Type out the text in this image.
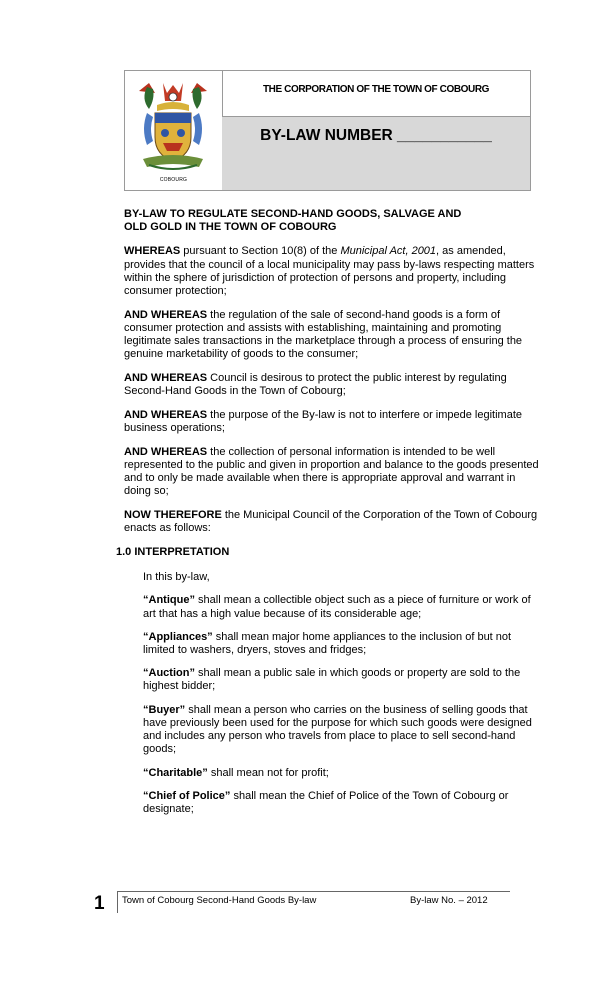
COBOURG
THE CORPORATION OF THE TOWN OF COBOURG
BY-LAW NUMBER ___________

BY-LAW TO REGULATE SECOND-HAND GOODS, SALVAGE AND
OLD GOLD IN THE TOWN OF COBOURG

WHEREAS pursuant to Section 10(8) of the Municipal Act, 2001, as amended, provides that the council of a local municipality may pass by-laws respecting matters within the sphere of jurisdiction of protection of persons and property, including consumer protection;

AND WHEREAS the regulation of the sale of second-hand goods is a form of consumer protection and assists with establishing, maintaining and promoting legitimate sales transactions in the marketplace through a process of ensuring the genuine marketability of goods to the consumer;

AND WHEREAS Council is desirous to protect the public interest by regulating Second-Hand Goods in the Town of Cobourg;

AND WHEREAS the purpose of the By-law is not to interfere or impede legitimate business operations;

AND WHEREAS the collection of personal information is intended to be well represented to the public and given in proportion and balance to the goods presented and to only be made available when there is appropriate approval and warrant in doing so;

NOW THEREFORE the Municipal Council of the Corporation of the Town of Cobourg enacts as follows:

1.0 INTERPRETATION

In this by-law,

“Antique” shall mean a collectible object such as a piece of furniture or work of art that has a high value because of its considerable age;

“Appliances” shall mean major home appliances to the inclusion of but not limited to washers, dryers, stoves and fridges;

“Auction” shall mean a public sale in which goods or property are sold to the highest bidder;

“Buyer” shall mean a person who carries on the business of selling goods that have previously been used for the purpose for which such goods were designed and includes any person who travels from place to place to sell second-hand goods;

“Charitable” shall mean not for profit;

“Chief of Police” shall mean the Chief of Police of the Town of Cobourg or designate;

1 Town of Cobourg Second-Hand Goods By-law	By-law No. – 2012
